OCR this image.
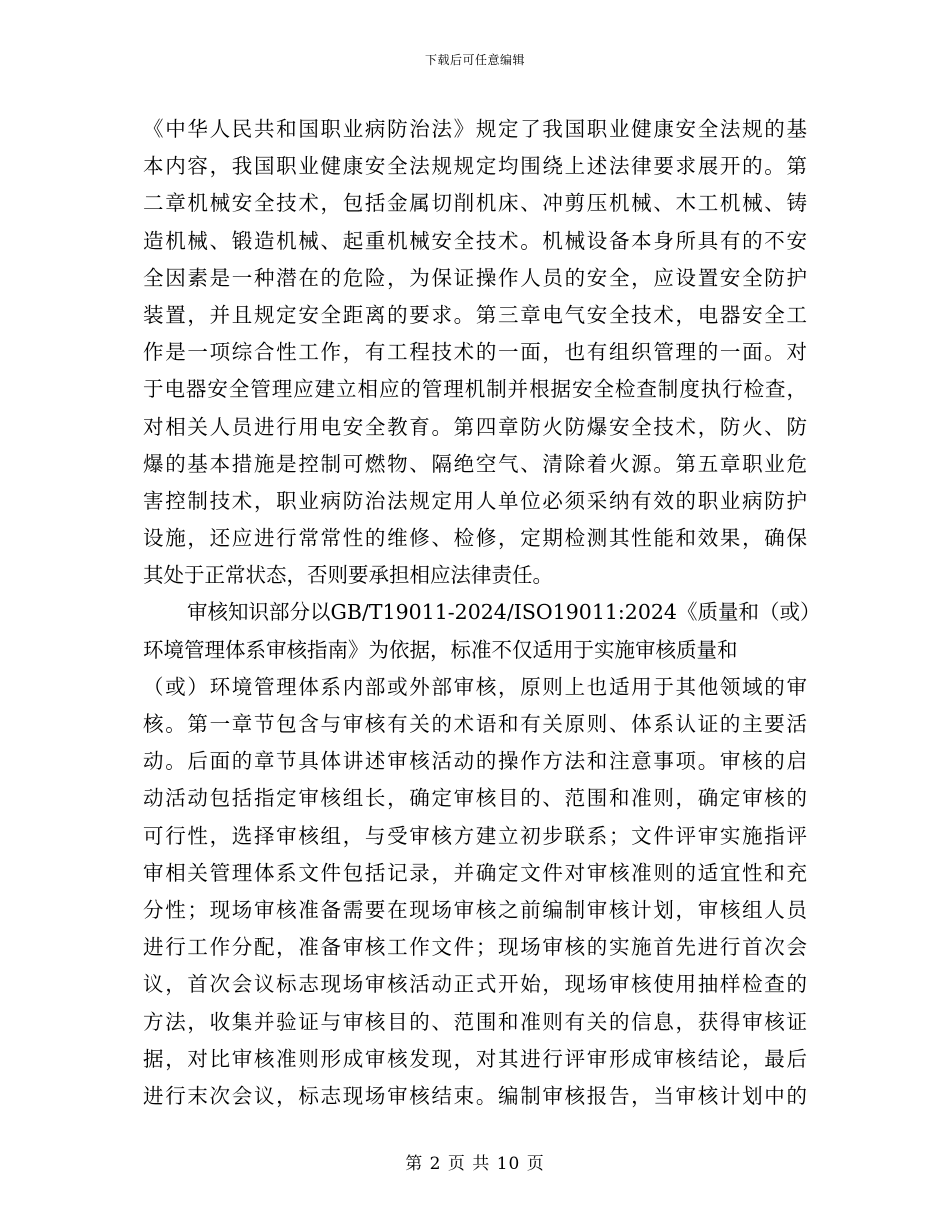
下载后可任意编辑
《中华人民共和国职业病防治法》规定了我国职业健康安全法规的基
本内容，我国职业健康安全法规规定均围绕上述法律要求展开的。第
二章机械安全技术，包括金属切削机床、冲剪压机械、木工机械、铸
造机械、锻造机械、起重机械安全技术。机械设备本身所具有的不安
全因素是一种潜在的危险，为保证操作人员的安全，应设置安全防护
装置，并且规定安全距离的要求。第三章电气安全技术，电器安全工
作是一项综合性工作，有工程技术的一面，也有组织管理的一面。对
于电器安全管理应建立相应的管理机制并根据安全检查制度执行检查，
对相关人员进行用电安全教育。第四章防火防爆安全技术，防火、防
爆的基本措施是控制可燃物、隔绝空气、清除着火源。第五章职业危
害控制技术，职业病防治法规定用人单位必须采纳有效的职业病防护
设施，还应进行常常性的维修、检修，定期检测其性能和效果，确保
其处于正常状态，否则要承担相应法律责任。
审核知识部分以GB/T19011-2024/ISO19011:2024《质量和（或）
环境管理体系审核指南》为依据，标准不仅适用于实施审核质量和
（或）环境管理体系内部或外部审核，原则上也适用于其他领域的审
核。第一章节包含与审核有关的术语和有关原则、体系认证的主要活
动。后面的章节具体讲述审核活动的操作方法和注意事项。审核的启
动活动包括指定审核组长，确定审核目的、范围和准则，确定审核的
可行性，选择审核组，与受审核方建立初步联系；文件评审实施指评
审相关管理体系文件包括记录，并确定文件对审核准则的适宜性和充
分性；现场审核准备需要在现场审核之前编制审核计划，审核组人员
进行工作分配，准备审核工作文件；现场审核的实施首先进行首次会
议，首次会议标志现场审核活动正式开始，现场审核使用抽样检查的
方法，收集并验证与审核目的、范围和准则有关的信息，获得审核证
据，对比审核准则形成审核发现，对其进行评审形成审核结论，最后
进行末次会议，标志现场审核结束。编制审核报告，当审核计划中的
第 2 页 共 10 页
